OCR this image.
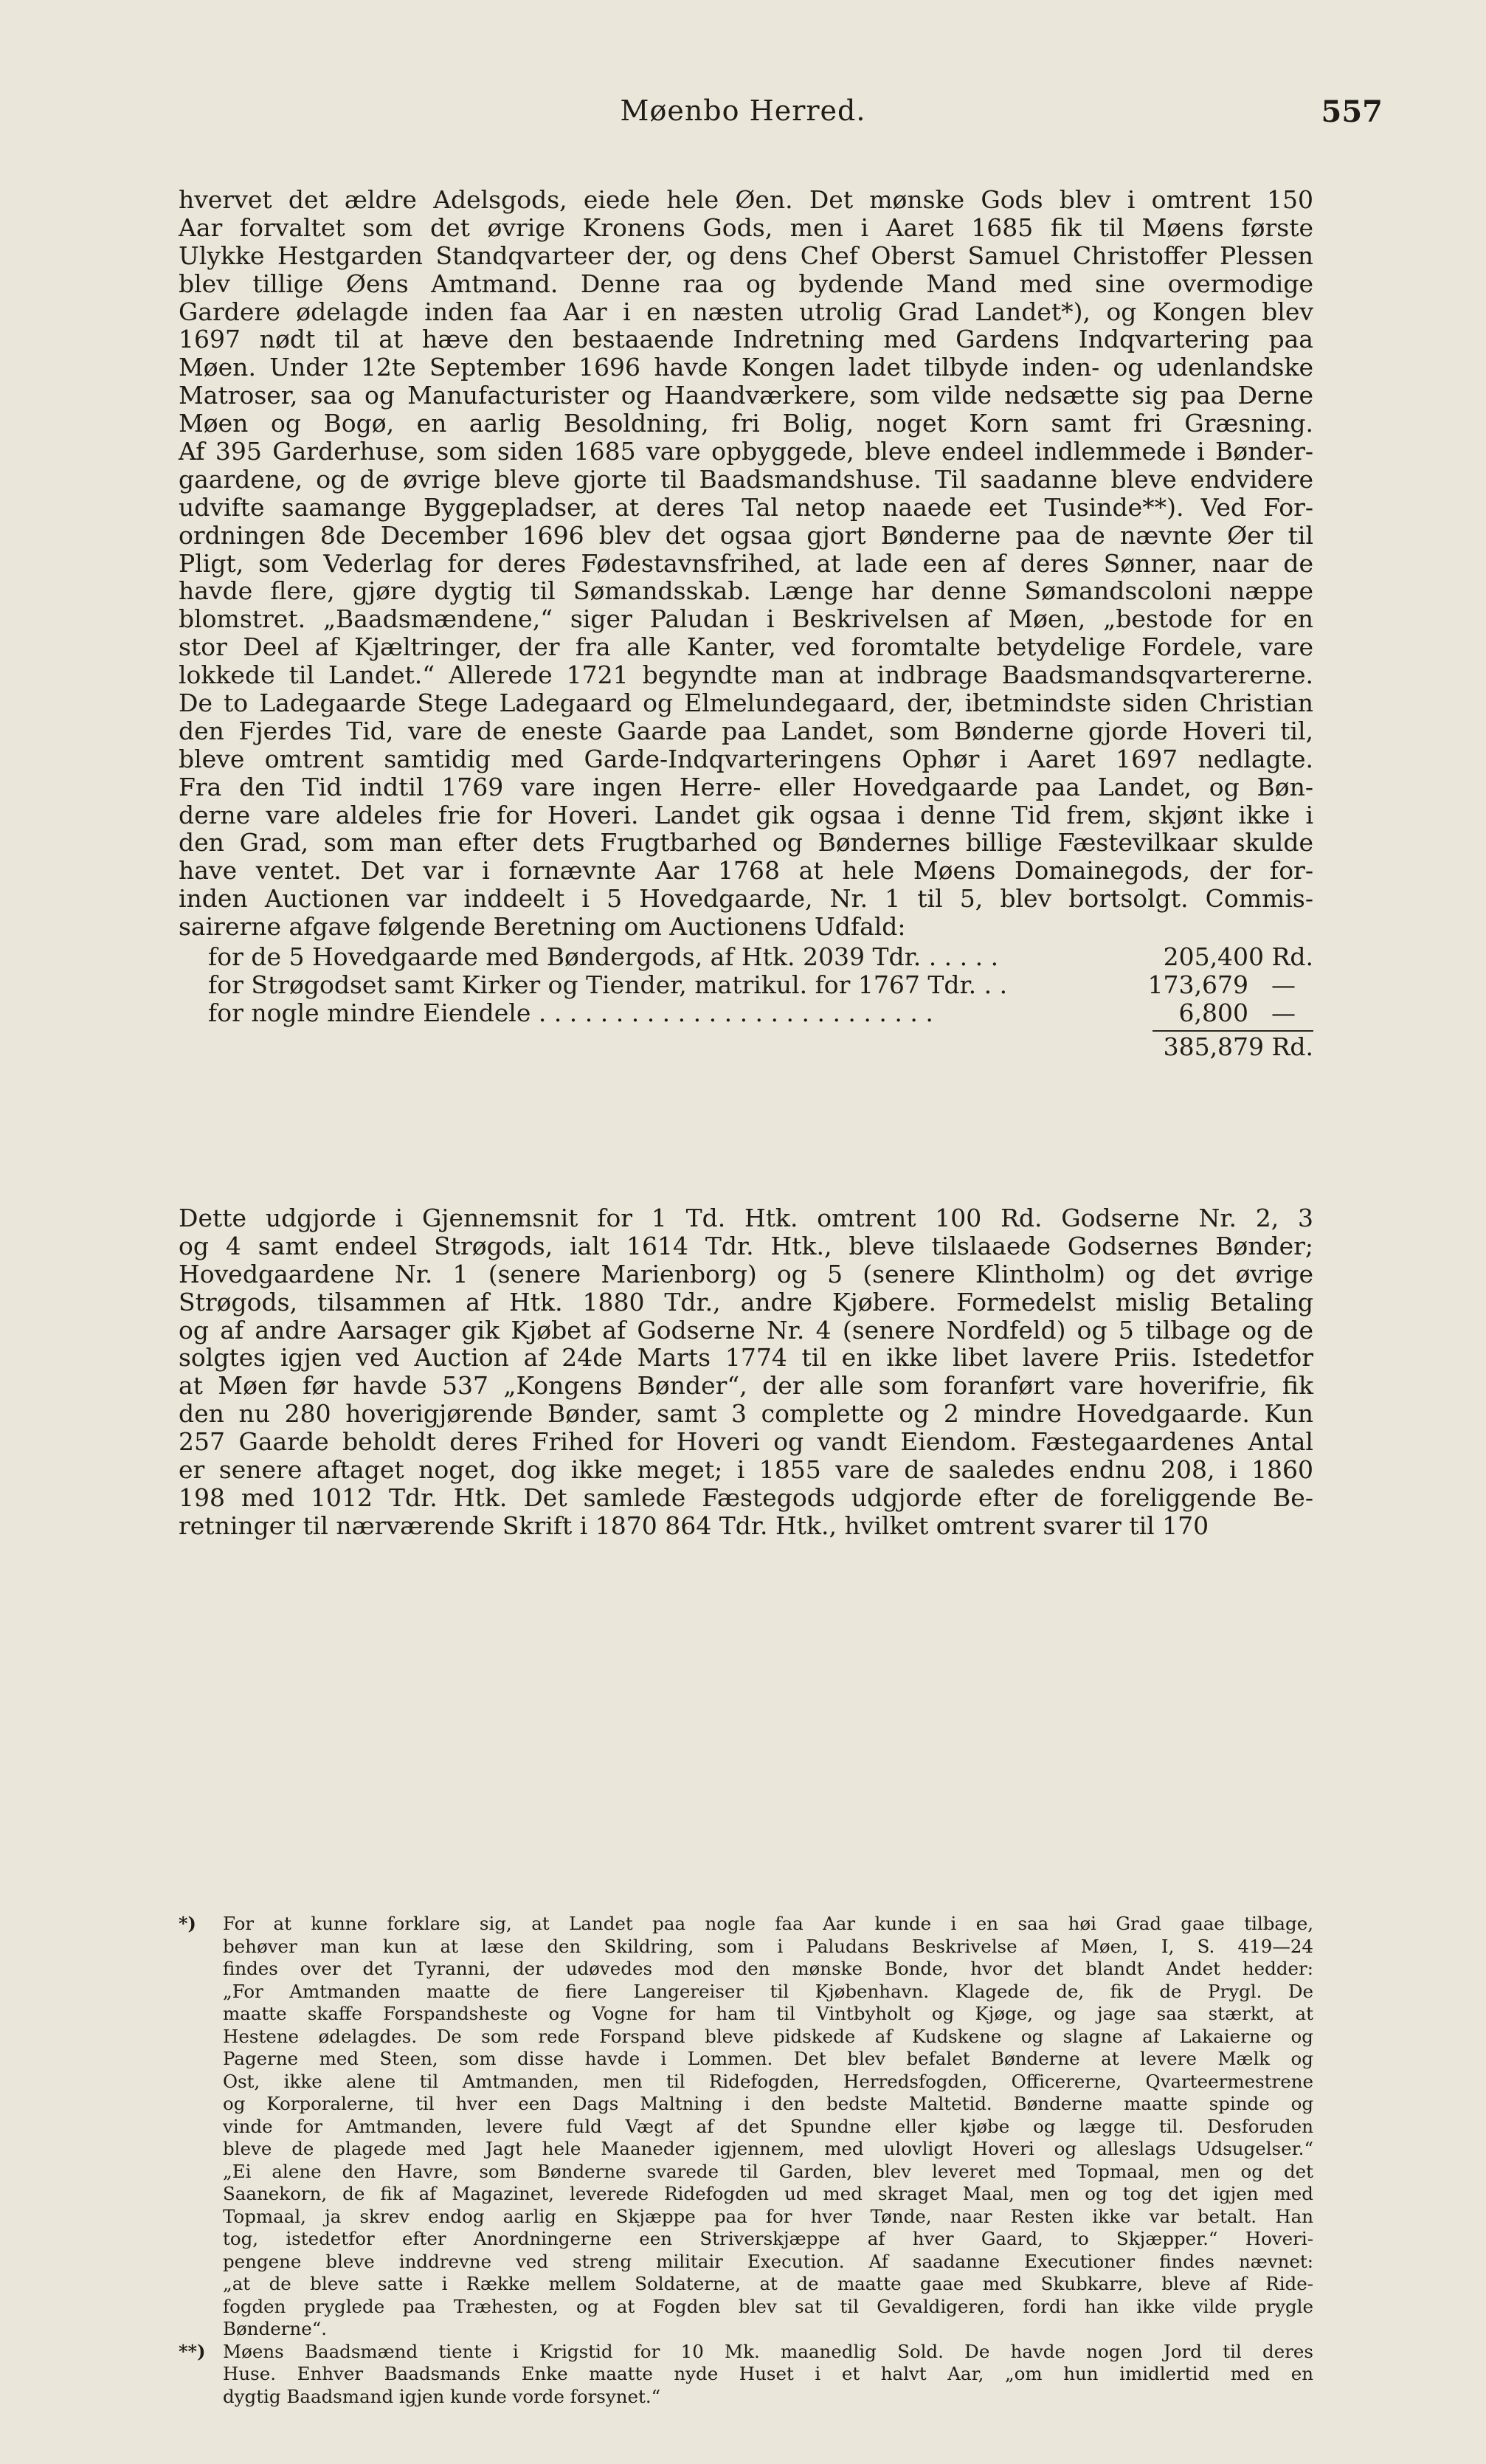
Møenbo Herred.	557
hvervet det ældre Adelsgods, eiede hele Øen. Det mønske Gods blev i omtrent 150
Aar forvaltet som det øvrige Kronens Gods, men i Aaret 1685 fik til Møens første
Ulykke Hestgarden Standqvarteer der, og dens Chef Oberst Samuel Christoffer Plessen
blev tillige Øens Amtmand. Denne raa og bydende Mand med sine overmodige
Gardere ødelagde inden faa Aar i en næsten utrolig Grad Landet*), og Kongen blev
1697 nødt til at hæve den bestaaende Indretning med Gardens Indqvartering paa
Møen. Under 12te September 1696 havde Kongen ladet tilbyde inden- og udenlandske
Matroser, saa og Manufacturister og Haandværkere, som vilde nedsætte sig paa Derne
Møen og Bogø, en aarlig Besoldning, fri Bolig, noget Korn samt fri Græsning.
Af 395 Garderhuse, som siden 1685 vare opbyggede, bleve endeel indlemmede i Bønder-
gaardene, og de øvrige bleve gjorte til Baadsmandshuse. Til saadanne bleve endvidere
udvifte saamange Byggepladser, at deres Tal netop naaede eet Tusinde**). Ved For-
ordningen 8de December 1696 blev det ogsaa gjort Bønderne paa de nævnte Øer til
Pligt, som Vederlag for deres Fødestavnsfrihed, at lade een af deres Sønner, naar de
havde flere, gjøre dygtig til Sømandsskab. Længe har denne Sømandscoloni næppe
blomstret. „Baadsmændene,“ siger Paludan i Beskrivelsen af Møen, „bestode for en
stor Deel af Kjæltringer, der fra alle Kanter, ved foromtalte betydelige Fordele, vare
lokkede til Landet.“ Allerede 1721 begyndte man at indbrage Baadsmandsqvartererne.
De to Ladegaarde Stege Ladegaard og Elmelundegaard, der, ibetmindste siden Christian
den Fjerdes Tid, vare de eneste Gaarde paa Landet, som Bønderne gjorde Hoveri til,
bleve omtrent samtidig med Garde-Indqvarteringens Ophør i Aaret 1697 nedlagte.
Fra den Tid indtil 1769 vare ingen Herre- eller Hovedgaarde paa Landet, og Bøn-
derne vare aldeles frie for Hoveri. Landet gik ogsaa i denne Tid frem, skjønt ikke i
den Grad, som man efter dets Frugtbarhed og Bøndernes billige Fæstevilkaar skulde
have ventet. Det var i fornævnte Aar 1768 at hele Møens Domainegods, der for-
inden Auctionen var inddeelt i 5 Hovedgaarde, Nr. 1 til 5, blev bortsolgt. Commis-
sairerne afgave følgende Beretning om Auctionens Udfald:
for de 5 Hovedgaarde med Bøndergods, af Htk. 2039 Tdr. . . . . .	205,400 Rd.
for Strøgodset samt Kirker og Tiender, matrikul. for 1767 Tdr. . .	173,679 —
for nogle mindre Eiendele . . . . . . . . . . . . . . . . . . . . . . . . . .	6,800 —
385,879 Rd.
Dette udgjorde i Gjennemsnit for 1 Td. Htk. omtrent 100 Rd. Godserne Nr. 2, 3
og 4 samt endeel Strøgods, ialt 1614 Tdr. Htk., bleve tilslaaede Godsernes Bønder;
Hovedgaardene Nr. 1 (senere Marienborg) og 5 (senere Klintholm) og det øvrige
Strøgods, tilsammen af Htk. 1880 Tdr., andre Kjøbere. Formedelst mislig Betaling
og af andre Aarsager gik Kjøbet af Godserne Nr. 4 (senere Nordfeld) og 5 tilbage og de
solgtes igjen ved Auction af 24de Marts 1774 til en ikke libet lavere Priis. Istedetfor
at Møen før havde 537 „Kongens Bønder“, der alle som foranført vare hoverifrie, fik
den nu 280 hoverigjørende Bønder, samt 3 complette og 2 mindre Hovedgaarde. Kun
257 Gaarde beholdt deres Frihed for Hoveri og vandt Eiendom. Fæstegaardenes Antal
er senere aftaget noget, dog ikke meget; i 1855 vare de saaledes endnu 208, i 1860
198 med 1012 Tdr. Htk. Det samlede Fæstegods udgjorde efter de foreliggende Be-
retninger til nærværende Skrift i 1870 864 Tdr. Htk., hvilket omtrent svarer til 170
*)	For at kunne forklare sig, at Landet paa nogle faa Aar kunde i en saa høi Grad gaae tilbage,
behøver man kun at læse den Skildring, som i Paludans Beskrivelse af Møen, I, S. 419—24
findes over det Tyranni, der udøvedes mod den mønske Bonde, hvor det blandt Andet hedder:
„For Amtmanden maatte de fiere Langereiser til Kjøbenhavn. Klagede de, fik de Prygl. De
maatte skaffe Forspandsheste og Vogne for ham til Vintbyholt og Kjøge, og jage saa stærkt, at
Hestene ødelagdes. De som rede Forspand bleve pidskede af Kudskene og slagne af Lakaierne og
Pagerne med Steen, som disse havde i Lommen. Det blev befalet Bønderne at levere Mælk og
Ost, ikke alene til Amtmanden, men til Ridefogden, Herredsfogden, Officererne, Qvarteermestrene
og Korporalerne, til hver een Dags Maltning i den bedste Maltetid. Bønderne maatte spinde og
vinde for Amtmanden, levere fuld Vægt af det Spundne eller kjøbe og lægge til. Desforuden
bleve de plagede med Jagt hele Maaneder igjennem, med ulovligt Hoveri og alleslags Udsugelser.“
„Ei alene den Havre, som Bønderne svarede til Garden, blev leveret med Topmaal, men og det
Saanekorn, de fik af Magazinet, leverede Ridefogden ud med skraget Maal, men og tog det igjen med
Topmaal, ja skrev endog aarlig en Skjæppe paa for hver Tønde, naar Resten ikke var betalt. Han
tog, istedetfor efter Anordningerne een Striverskjæppe af hver Gaard, to Skjæpper.“ Hoveri-
pengene bleve inddrevne ved streng militair Execution. Af saadanne Executioner findes nævnet:
„at de bleve satte i Række mellem Soldaterne, at de maatte gaae med Skubkarre, bleve af Ride-
fogden pryglede paa Træhesten, og at Fogden blev sat til Gevaldigeren, fordi han ikke vilde prygle
Bønderne“.
**) Møens Baadsmænd tiente i Krigstid for 10 Mk. maanedlig Sold. De havde nogen Jord til deres
Huse. Enhver Baadsmands Enke maatte nyde Huset i et halvt Aar, „om hun imidlertid med en
dygtig Baadsmand igjen kunde vorde forsynet.“
